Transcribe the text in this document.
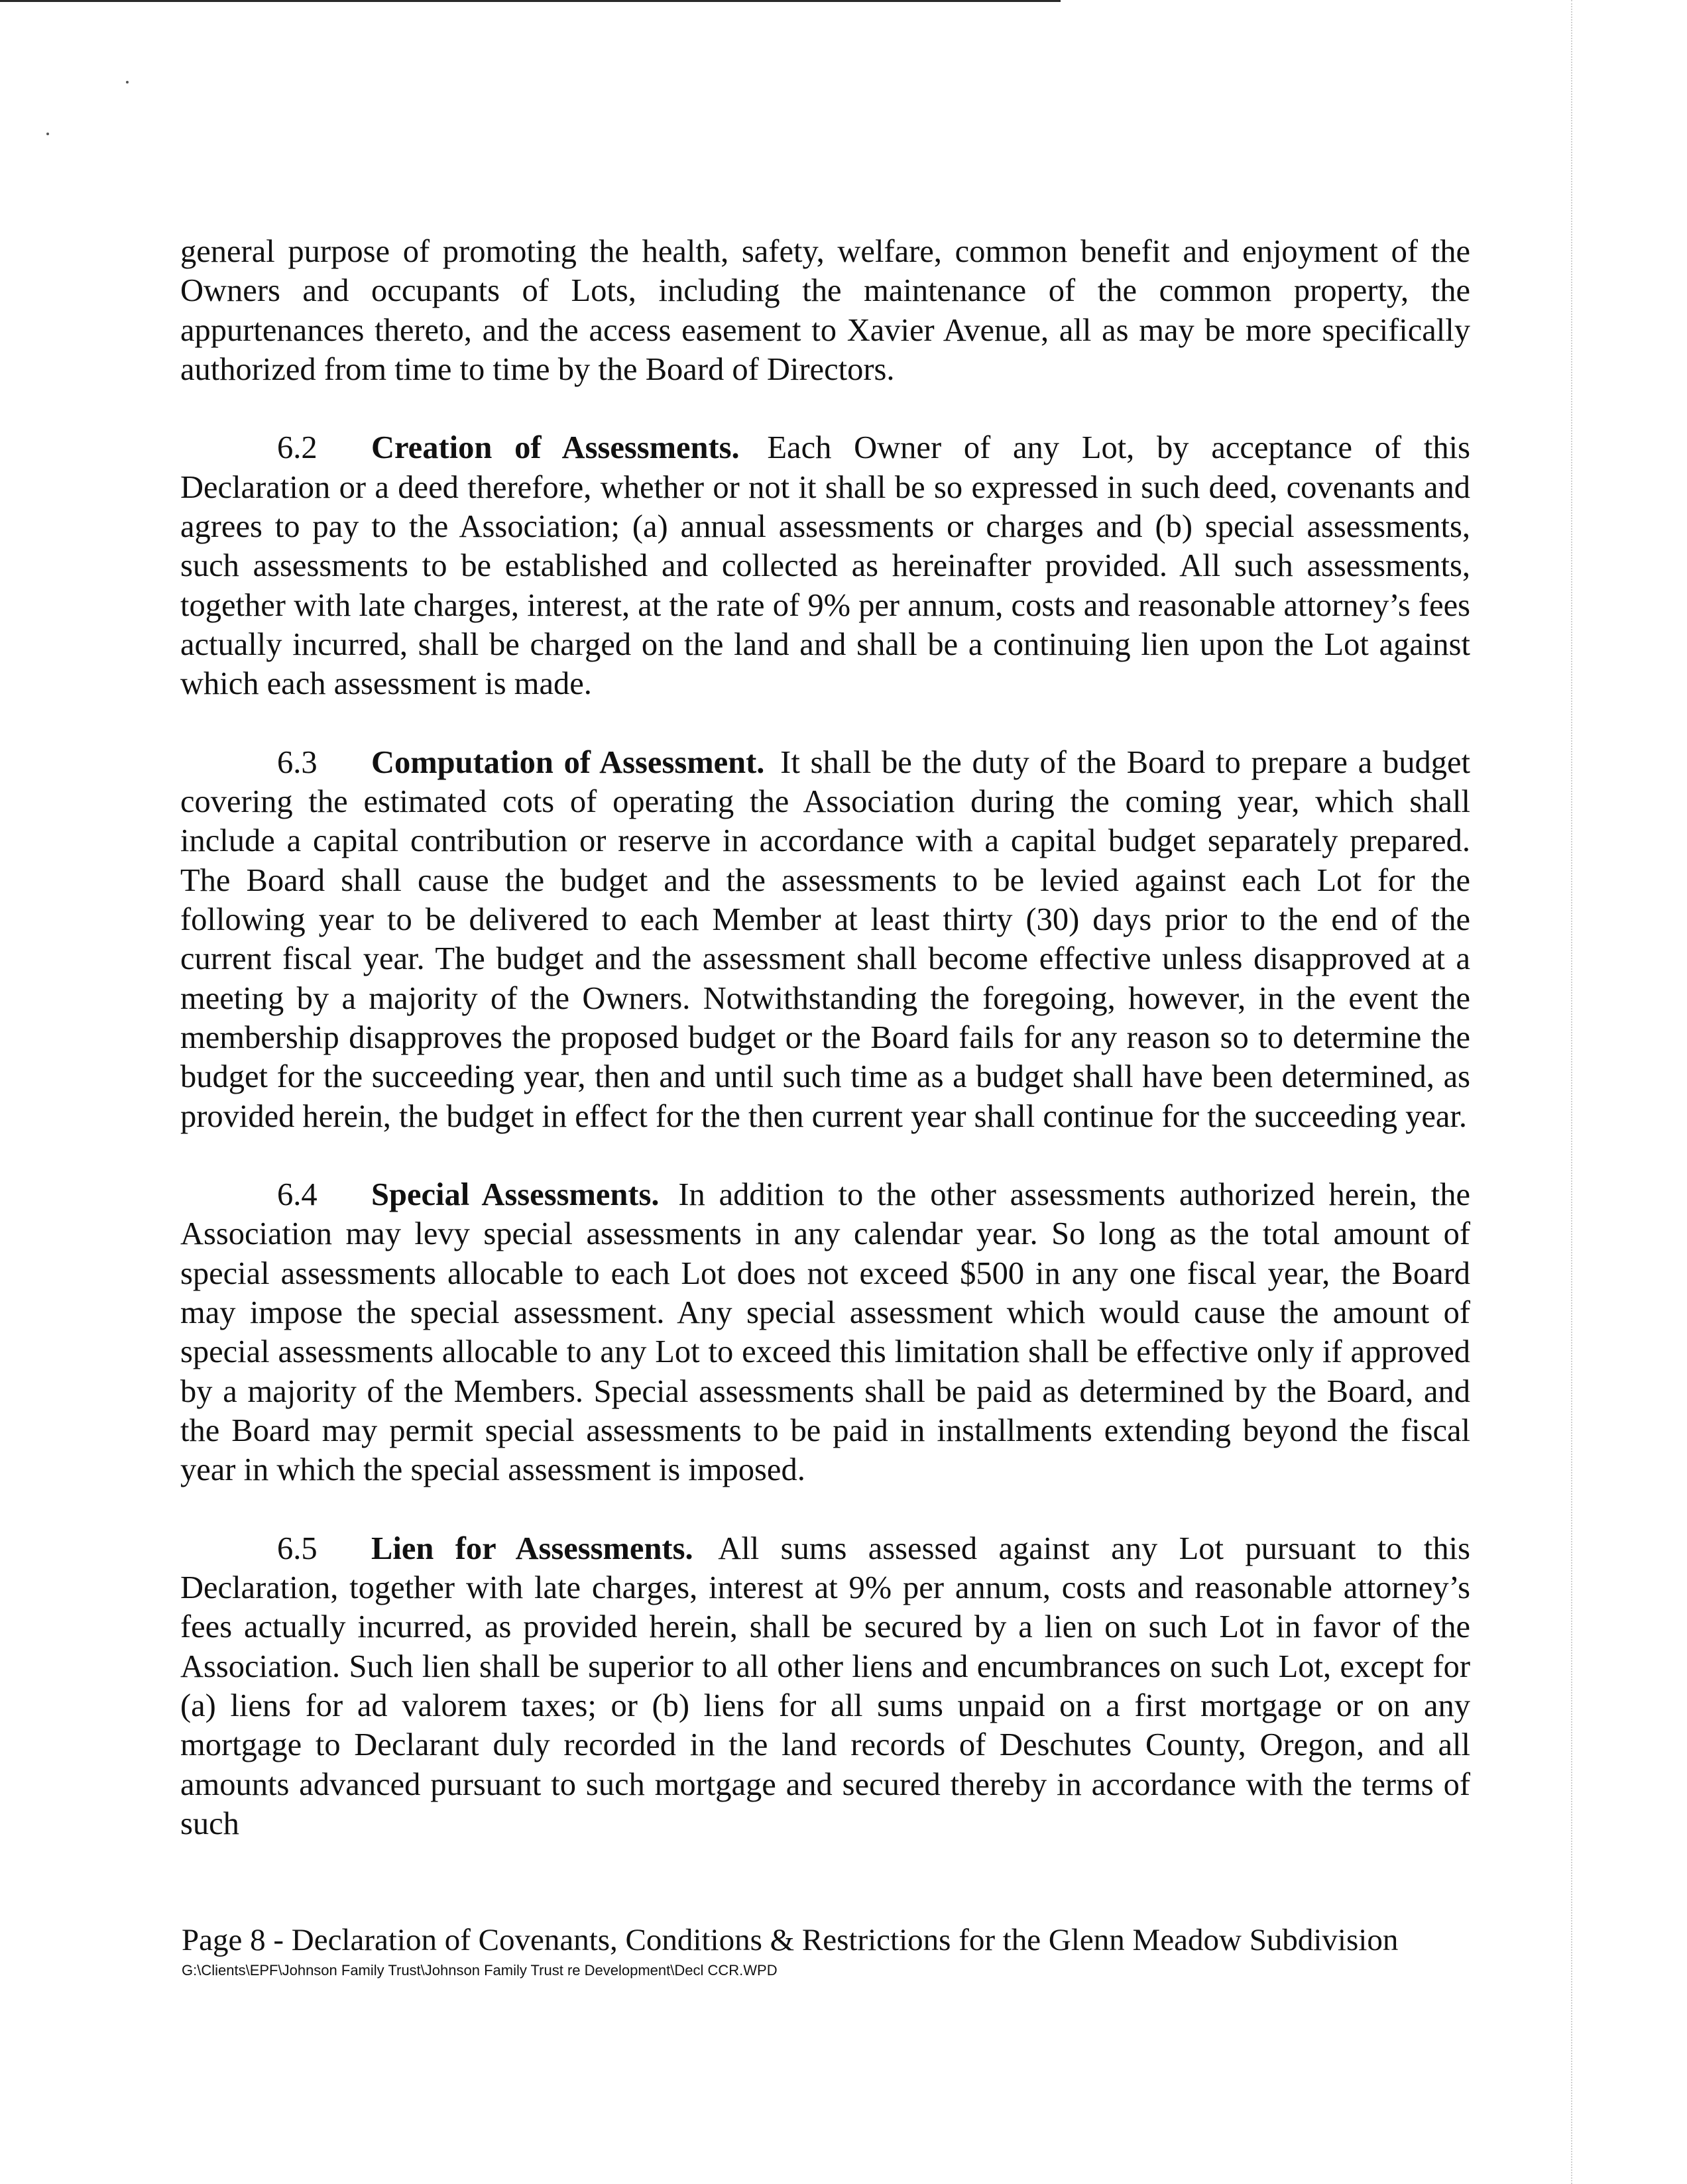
general purpose of promoting the health, safety, welfare, common benefit and enjoyment of the Owners and occupants of Lots, including the maintenance of the common property, the appurtenances thereto, and the access easement to Xavier Avenue, all as may be more specifically authorized from time to time by the Board of Directors.

6.2 Creation of Assessments. Each Owner of any Lot, by acceptance of this Declaration or a deed therefore, whether or not it shall be so expressed in such deed, covenants and agrees to pay to the Association; (a) annual assessments or charges and (b) special assessments, such assessments to be established and collected as hereinafter provided. All such assessments, together with late charges, interest, at the rate of 9% per annum, costs and reasonable attorney’s fees actually incurred, shall be charged on the land and shall be a continuing lien upon the Lot against which each assessment is made.

6.3 Computation of Assessment. It shall be the duty of the Board to prepare a budget covering the estimated cots of operating the Association during the coming year, which shall include a capital contribution or reserve in accordance with a capital budget separately prepared. The Board shall cause the budget and the assessments to be levied against each Lot for the following year to be delivered to each Member at least thirty (30) days prior to the end of the current fiscal year. The budget and the assessment shall become effective unless disapproved at a meeting by a majority of the Owners. Notwithstanding the foregoing, however, in the event the membership disapproves the proposed budget or the Board fails for any reason so to determine the budget for the succeeding year, then and until such time as a budget shall have been determined, as provided herein, the budget in effect for the then current year shall continue for the succeeding year.

6.4 Special Assessments. In addition to the other assessments authorized herein, the Association may levy special assessments in any calendar year. So long as the total amount of special assessments allocable to each Lot does not exceed $500 in any one fiscal year, the Board may impose the special assessment. Any special assessment which would cause the amount of special assessments allocable to any Lot to exceed this limitation shall be effective only if approved by a majority of the Members. Special assessments shall be paid as determined by the Board, and the Board may permit special assessments to be paid in installments extending beyond the fiscal year in which the special assessment is imposed.

6.5 Lien for Assessments. All sums assessed against any Lot pursuant to this Declaration, together with late charges, interest at 9% per annum, costs and reasonable attorney’s fees actually incurred, as provided herein, shall be secured by a lien on such Lot in favor of the Association. Such lien shall be superior to all other liens and encumbrances on such Lot, except for (a) liens for ad valorem taxes; or (b) liens for all sums unpaid on a first mortgage or on any mortgage to Declarant duly recorded in the land records of Deschutes County, Oregon, and all amounts advanced pursuant to such mortgage and secured thereby in accordance with the terms of such

Page 8 - Declaration of Covenants, Conditions & Restrictions for the Glenn Meadow Subdivision
G:\Clients\EPF\Johnson Family Trust\Johnson Family Trust re Development\Decl CCR.WPD
